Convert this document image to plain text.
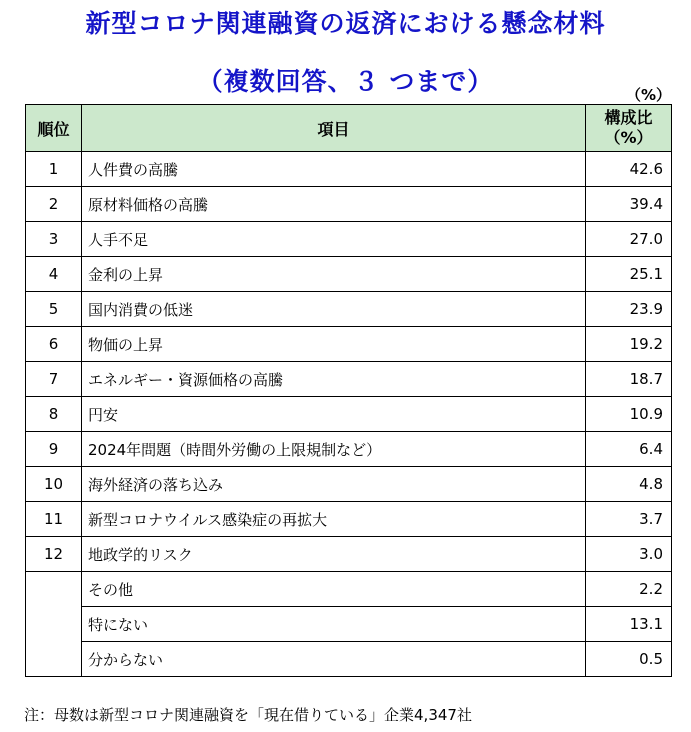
新型コロナ関連融資の返済における懸念材料
（複数回答、３ つまで）	（%）
順位	項目	構成比
（%）

1	人件費の高騰	42.6
2	原材料価格の高騰	39.4
3	人手不足	27.0
4	金利の上昇	25.1
5	国内消費の低迷	23.9
6	物価の上昇	19.2
7	エネルギー・資源価格の高騰	18.7
8	円安	10.9
9	2024年問題（時間外労働の上限規制など）	6.4
10	海外経済の落ち込み	4.8
11	新型コロナウイルス感染症の再拡大	3.7
12	地政学的リスク	3.0
	その他	2.2
	特にない	13.1
	分からない	0.5
注：母数は新型コロナ関連融資を「現在借りている」企業4,347社
